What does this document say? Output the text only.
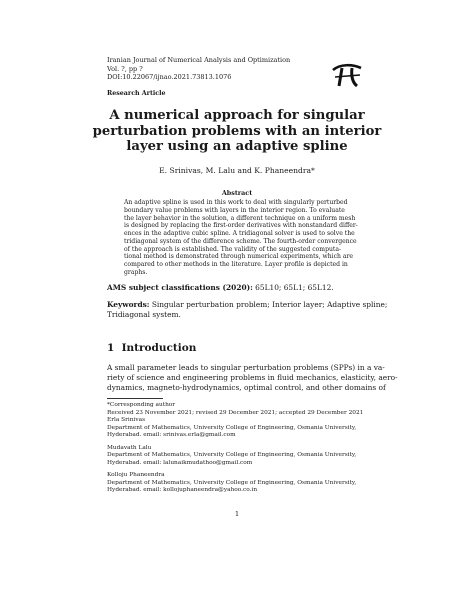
Iranian Journal of Numerical Analysis and Optimization
Vol. ?, pp ?
DOI:10.22067/ijnao.2021.73813.1076
Research Article
A numerical approach for singular
perturbation problems with an interior
layer using an adaptive spline
E. Srinivas, M. Lalu and K. Phaneendra*
Abstract
An adaptive spline is used in this work to deal with singularly perturbed
boundary value problems with layers in the interior region. To evaluate
the layer behavior in the solution, a different technique on a uniform mesh
is designed by replacing the first-order derivatives with nonstandard differ-
ences in the adaptive cubic spline. A tridiagonal solver is used to solve the
tridiagonal system of the difference scheme. The fourth-order convergence
of the approach is established. The validity of the suggested computa-
tional method is demonstrated through numerical experiments, which are
compared to other methods in the literature. Layer profile is depicted in
graphs.
AMS subject classifications (2020): 65L10; 65L1; 65L12.
Keywords: Singular perturbation problem; Interior layer; Adaptive spline;
Tridiagonal system.
1 Introduction
A small parameter leads to singular perturbation problems (SPPs) in a va-
riety of science and engineering problems in fluid mechanics, elasticity, aero-
dynamics, magneto-hydrodynamics, optimal control, and other domains of
*Corresponding author
Received 23 November 2021; revised 29 December 2021; accepted 29 December 2021
Erla Srinivas
Department of Mathematics, University College of Engineering, Osmania University,
Hyderabad. email: srinivas.erla@gmail.com
Mudavath Lalu
Department of Mathematics, University College of Engineering, Osmania University,
Hyderabad. email: lalunaikmudathoo@gmail.com
Kolloju Phaneendra
Department of Mathematics, University College of Engineering, Osmania University,
Hyderabad. email: kollojuphaneendra@yahoo.co.in
1
